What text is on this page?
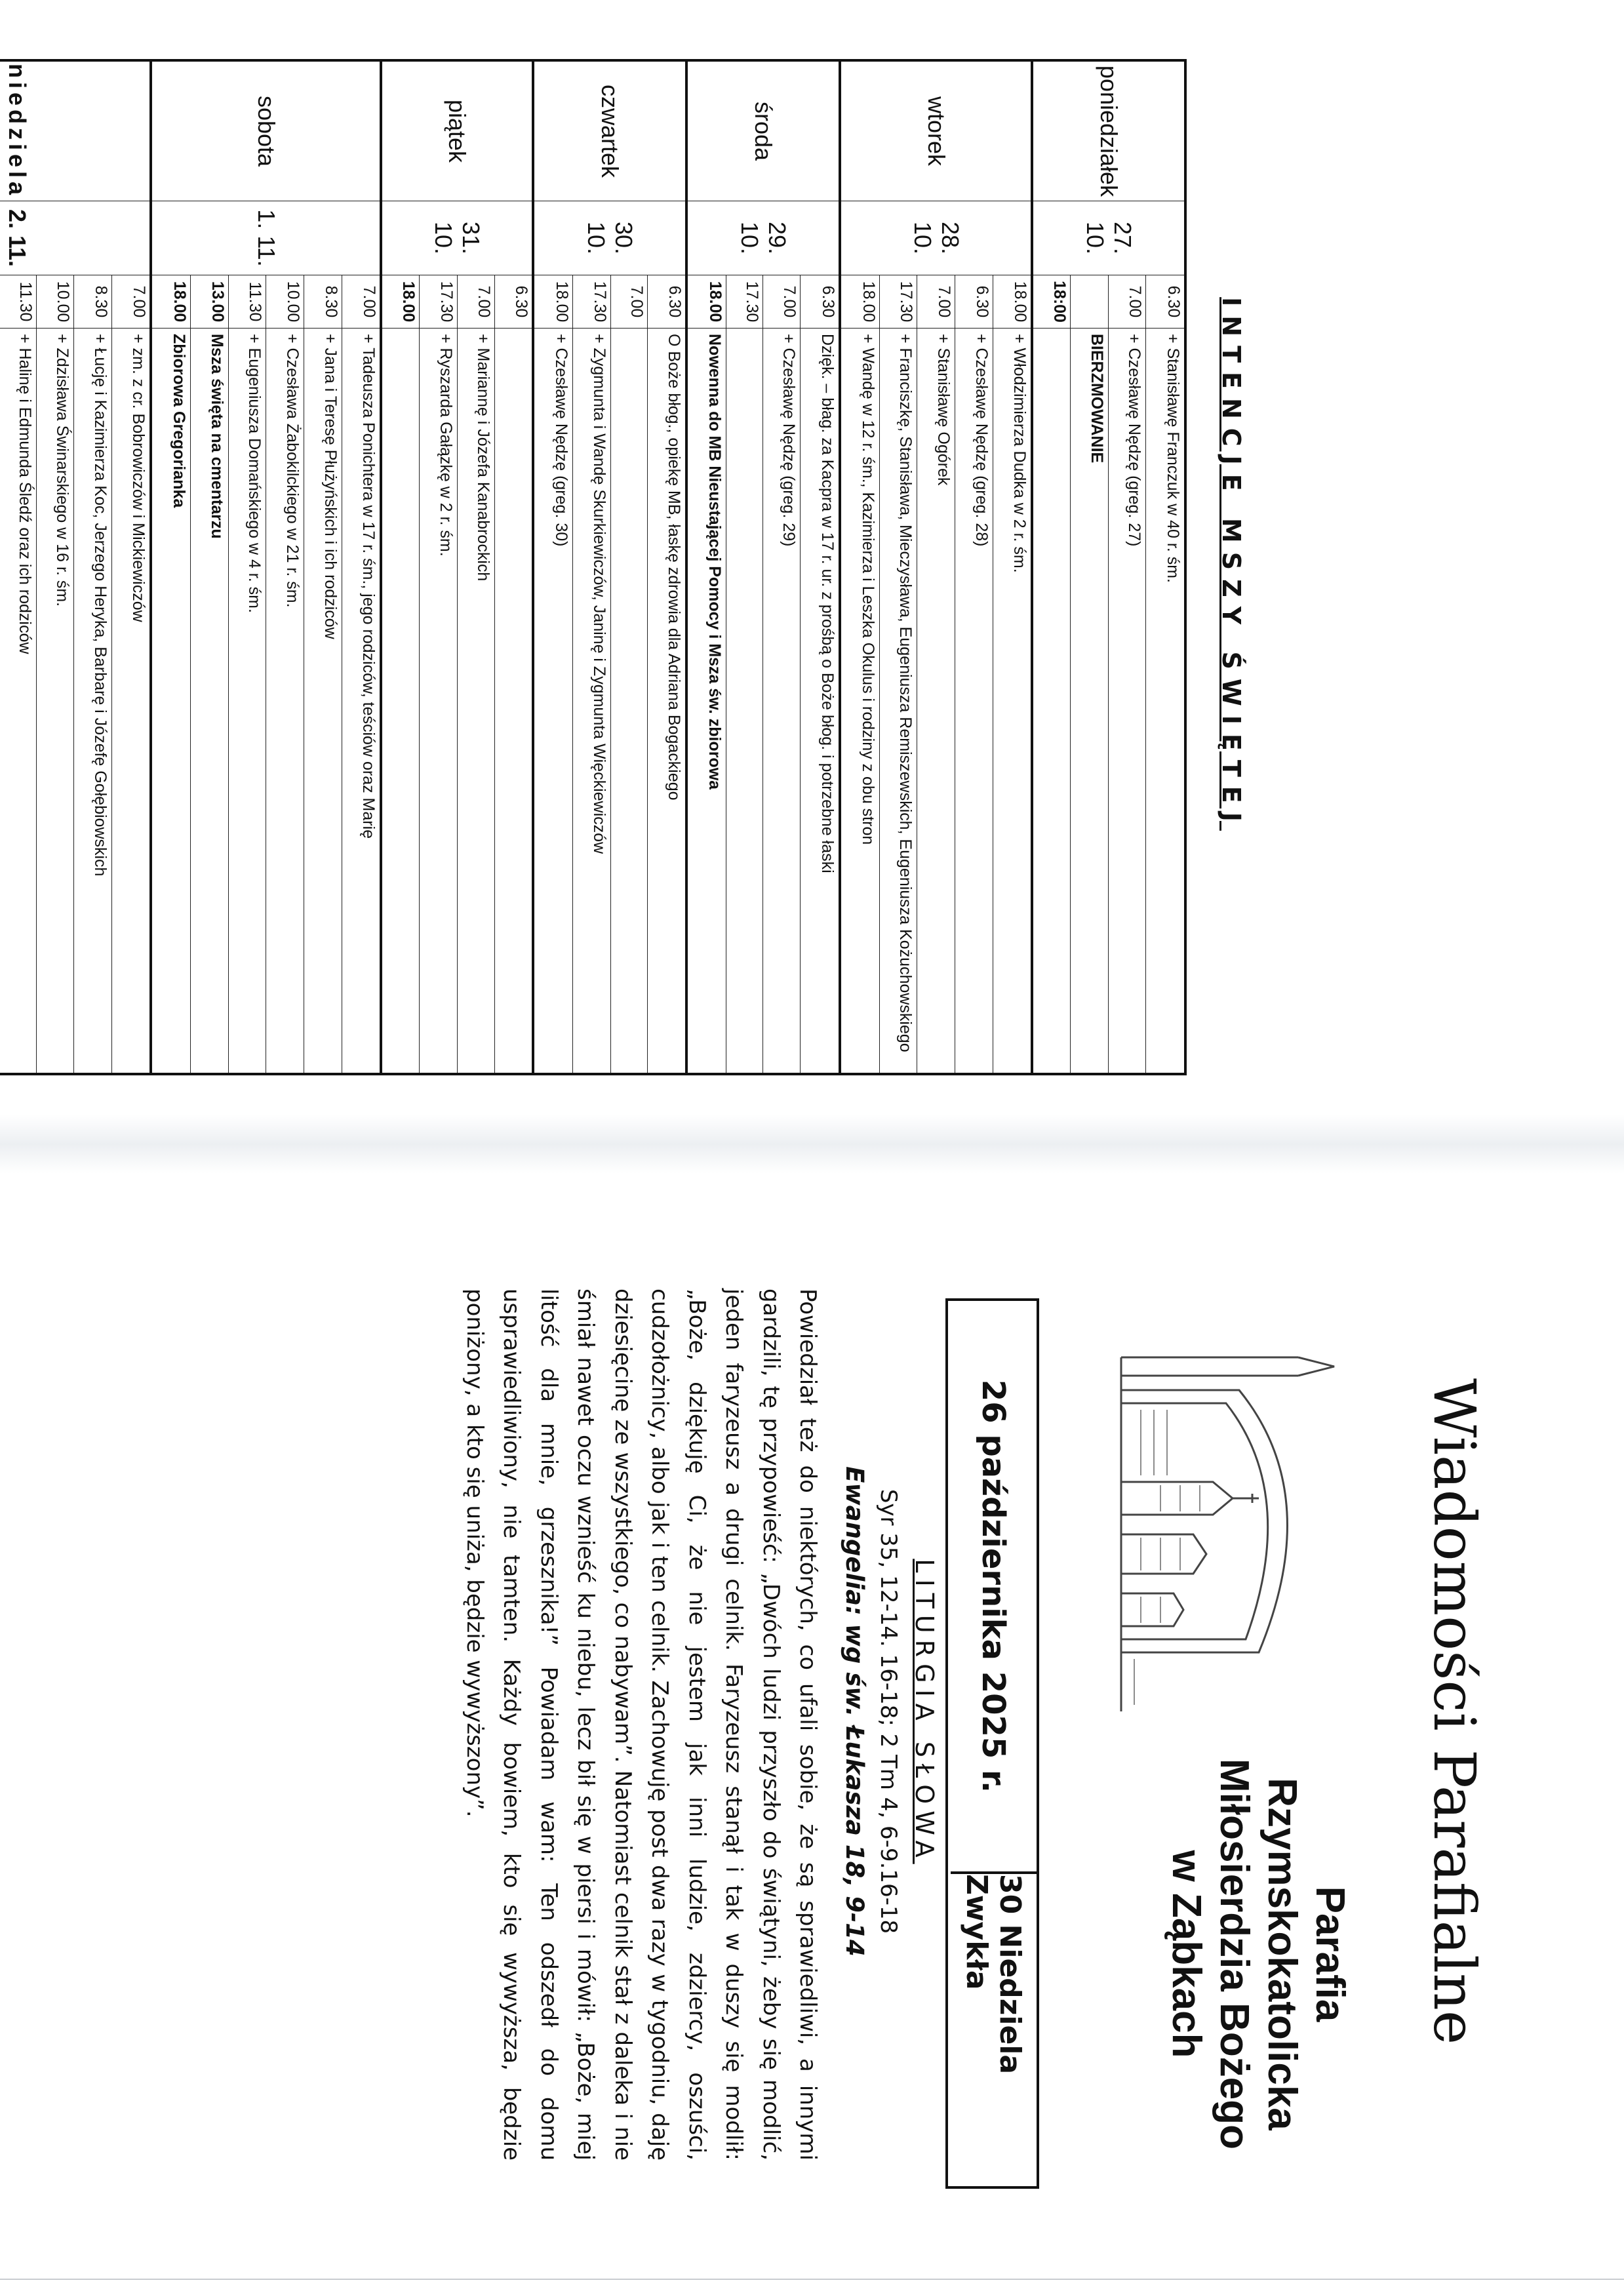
INTENCJE MSZY ŚWIĘTEJ
poniedziałek	27. 10.	6.30	+ Stanisławę Franczuk w 40 r. śm.
		7.00	+ Czesławę Nędzę (greg. 27)
			BIERZMOWANIE
		18:00	
wtorek	28. 10.	18.00	+ Włodzimierza Dudka w 2 r. śm.
		6.30	+ Czesławę Nędzę (greg. 28)
		7.00	+ Stanisławę Ogórek
		17.30	+ Franciszkę, Stanisława, Mieczysława, Eugeniusza Remiszewskich, Eugeniusza Kożuchowskiego
		18.00	+ Wandę w 12 r. śm., Kazimierza i Leszka Okulus i rodziny z obu stron
środa	29. 10.	6.30	Dzięk. – błag. za Kacpra w 17 r. ur. z prośbą o Boże błog. i potrzebne łaski
		7.00	+ Czesławę Nędzę (greg. 29)
		17.30	
		18.00	Nowenna do MB Nieustającej Pomocy i Msza św. zbiorowa
czwartek	30. 10.	6.30	O Boże błog., opiekę MB, łaskę zdrowia dla Adriana Bogackiego
		7.00	
		17.30	+ Zygmunta i Wandę Skurkiewiczów, Janinę i Zygmunta Więckiewiczów
		18.00	+ Czesławę Nędzę (greg. 30)
piątek	31. 10.	6.30	
		7.00	+ Mariannę i Józefa Kanabrockich
		17.30	+ Ryszarda Gałązkę w 2 r. śm.
		18.00	
sobota	1. 11.	7.00	+ Tadeusza Ponichtera w 17 r. śm., jego rodziców, teściów oraz Marię
		8.30	+ Jana i Teresę Płużyńskich i ich rodziców
		10.00	+ Czesława Żabokilckiego w 21 r. śm.
		11.30	+ Eugeniusza Domańskiego w 4 r. śm.
		13.00	Msza święta na cmentarzu
		18.00	Zbiorowa Gregorianka
niedziela	2. 11.	7.00	+ zm. z cr. Bobrowiczów i Mickiewiczów
		8.30	+ Łucję i Kazimierza Koc, Jerzego Heryka, Barbarę i Józefę Gołębiowskich
		10.00	+ Zdzisława Świnarskiego w 16 r. śm.
		11.30	+ Halinę i Edmunda Śledź oraz ich rodziców

Wiadomości Parafialne
Parafia Rzymskokatolicka
Miłosierdzia Bożego
w Ząbkach
26 października 2025 r.
30 Niedziela Zwykła
LITURGIA SŁOWA
Syr 35, 12-14. 16-18; 2 Tm 4, 6-9.16-18
Ewangelia: wg św. Łukasza 18, 9-14
Powiedział też do niektórych, co ufali sobie, że są sprawiedliwi, a innymi gardzili, tę przypowieść: „Dwóch ludzi przyszło do świątyni, żeby się modlić, jeden faryzeusz a drugi celnik. Faryzeusz stanął i tak w duszy się modlił: „Boże, dziękuję Ci, że nie jestem jak inni ludzie, zdziercy, oszuści, cudzołożnicy, albo jak i ten celnik. Zachowuję post dwa razy w tygodniu, daję dziesięcinę ze wszystkiego, co nabywam”. Natomiast celnik stał z daleka i nie śmiał nawet oczu wznieść ku niebu, lecz bił się w piersi i mówił: „Boże, miej litość dla mnie, grzesznika!” Powiadam wam: Ten odszedł do domu usprawiedliwiony, nie tamten. Każdy bowiem, kto się wywyższa, będzie poniżony, a kto się uniża, będzie wywyższony”.
